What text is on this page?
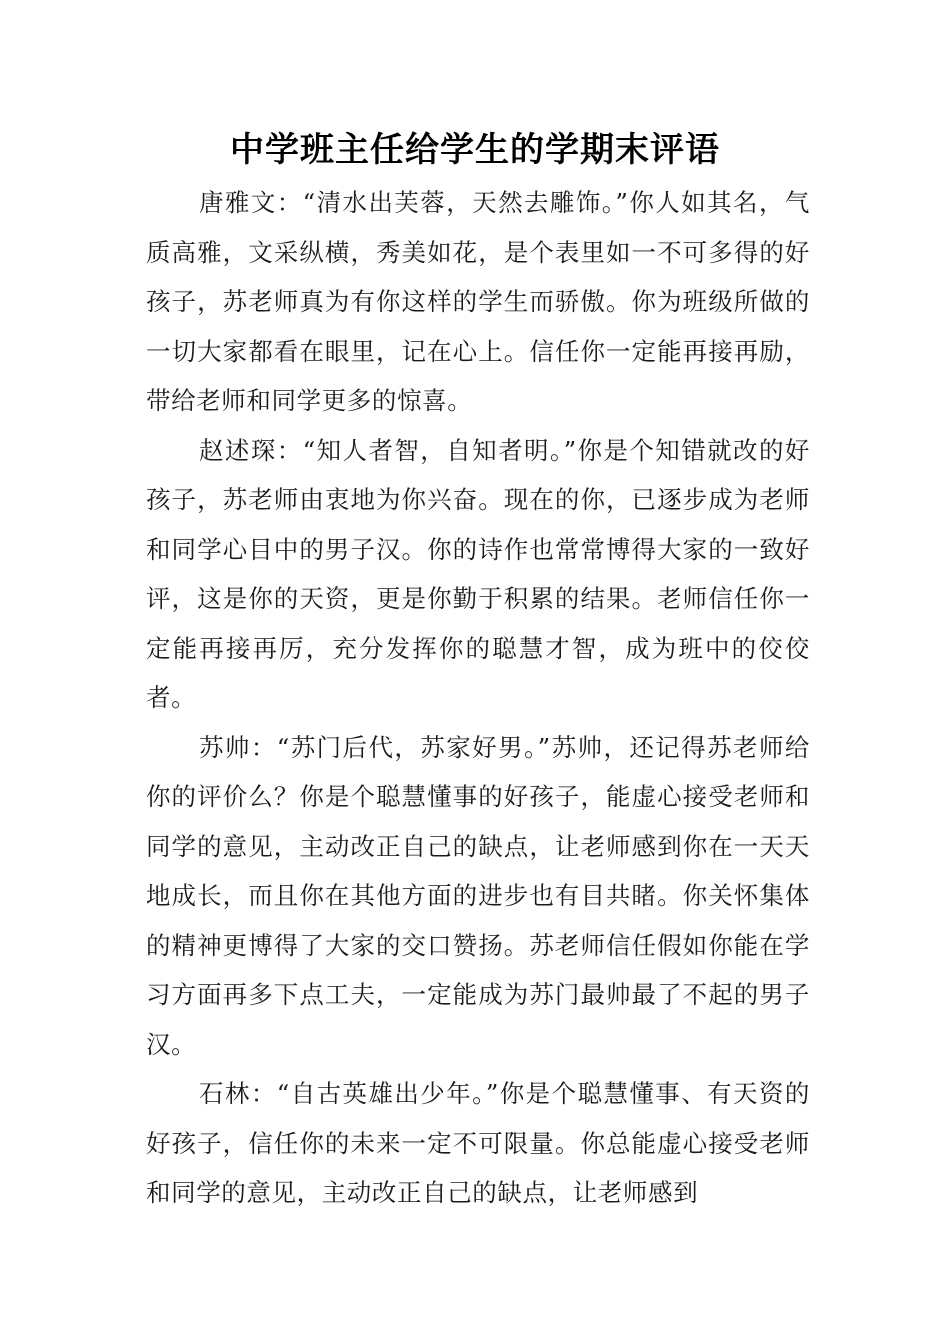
中学班主任给学生的学期末评语

唐雅文：“清水出芙蓉，天然去雕饰。”你人如其名，气质高雅，文采纵横，秀美如花，是个表里如一不可多得的好孩子，苏老师真为有你这样的学生而骄傲。你为班级所做的一切大家都看在眼里，记在心上。信任你一定能再接再励，带给老师和同学更多的惊喜。

赵述琛：“知人者智，自知者明。”你是个知错就改的好孩子，苏老师由衷地为你兴奋。现在的你，已逐步成为老师和同学心目中的男子汉。你的诗作也常常博得大家的一致好评，这是你的天资，更是你勤于积累的结果。老师信任你一定能再接再厉，充分发挥你的聪慧才智，成为班中的佼佼者。

苏帅：“苏门后代，苏家好男。”苏帅，还记得苏老师给你的评价么？你是个聪慧懂事的好孩子，能虚心接受老师和同学的意见，主动改正自己的缺点，让老师感到你在一天天地成长，而且你在其他方面的进步也有目共睹。你关怀集体的精神更博得了大家的交口赞扬。苏老师信任假如你能在学习方面再多下点工夫，一定能成为苏门最帅最了不起的男子汉。

石林：“自古英雄出少年。”你是个聪慧懂事、有天资的好孩子，信任你的未来一定不可限量。你总能虚心接受老师和同学的意见，主动改正自己的缺点，让老师感到
